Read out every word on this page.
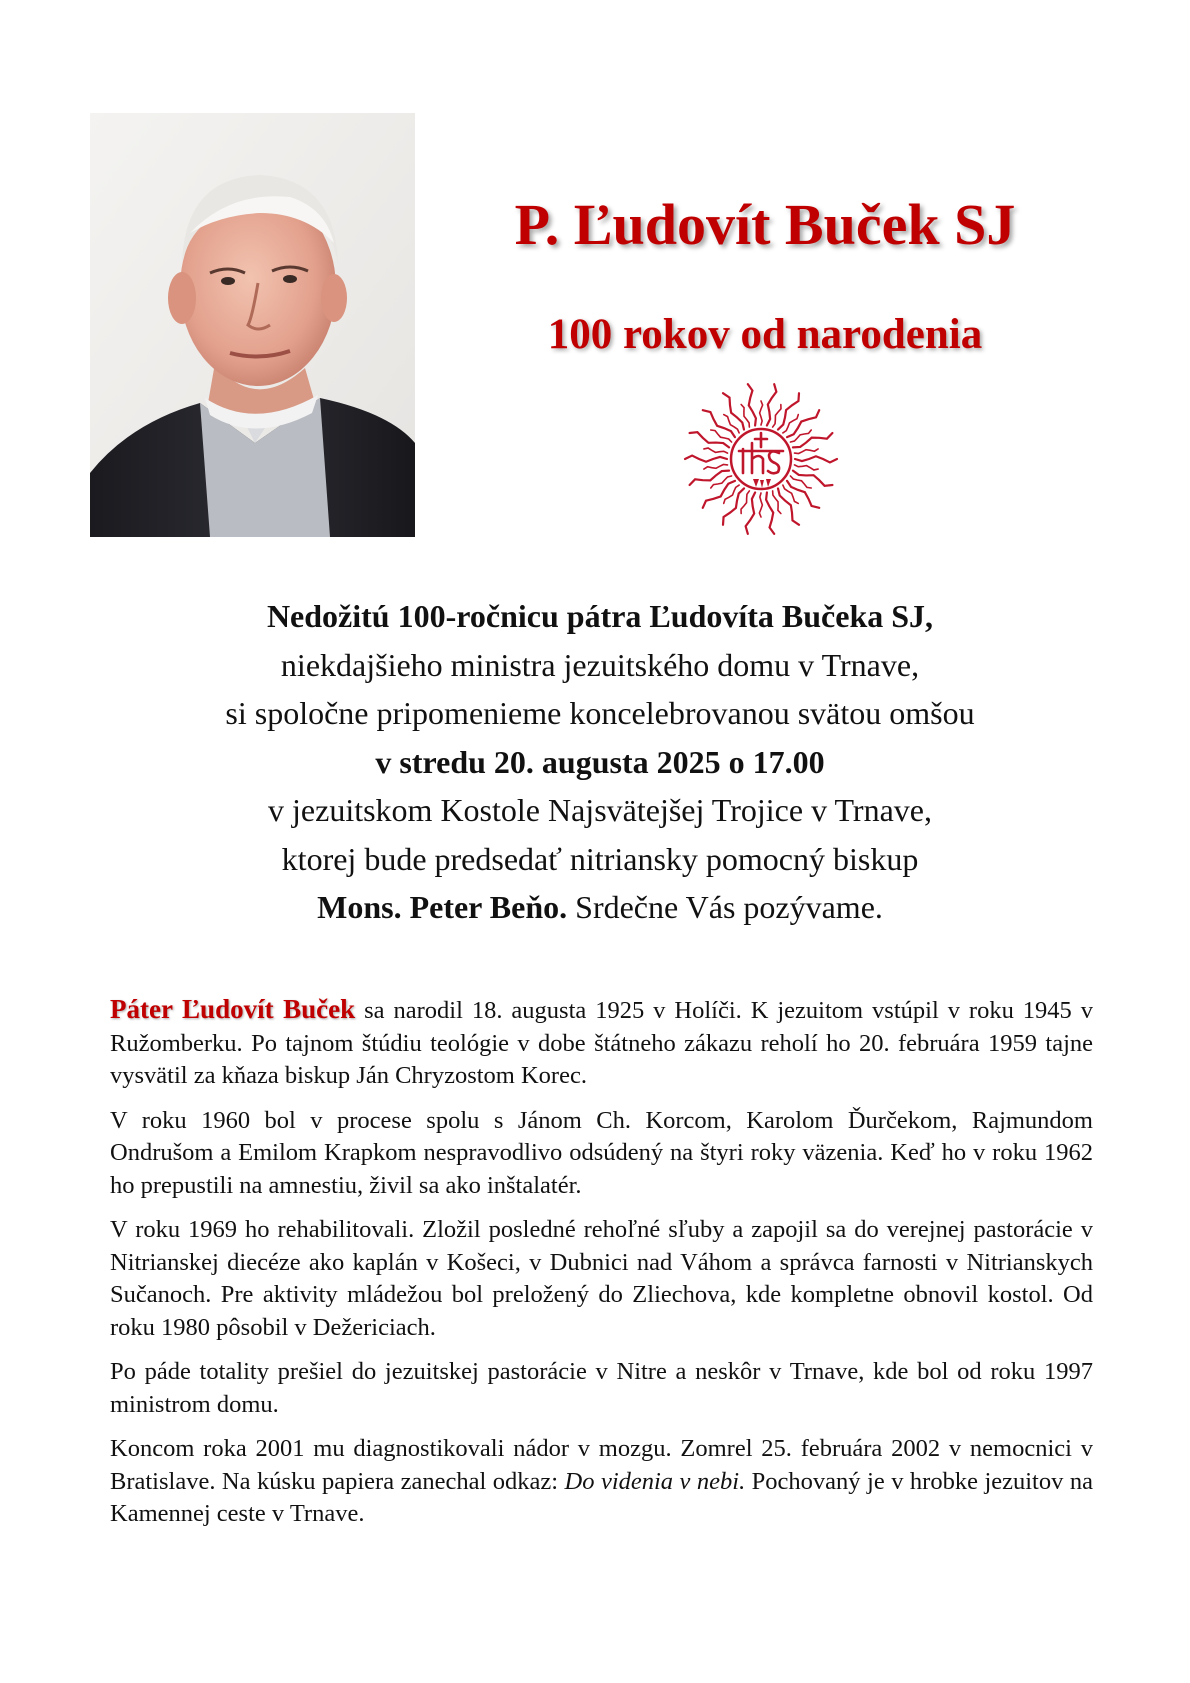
P. Ľudovít Buček SJ
100 rokov od narodenia
Nedožitú 100-ročnicu pátra Ľudovíta Bučeka SJ,
niekdajšieho ministra jezuitského domu v Trnave,
si spoločne pripomenieme koncelebrovanou svätou omšou
v stredu 20. augusta 2025 o 17.00
v jezuitskom Kostole Najsvätejšej Trojice v Trnave,
ktorej bude predsedať nitriansky pomocný biskup
Mons. Peter Beňo. Srdečne Vás pozývame.

Páter Ľudovít Buček sa narodil 18. augusta 1925 v Holíči. K jezuitom vstúpil v roku 1945 v Ružomberku. Po tajnom štúdiu teológie v dobe štátneho zákazu reholí ho 20. februára 1959 tajne vysvätil za kňaza biskup Ján Chryzostom Korec.

V roku 1960 bol v procese spolu s Jánom Ch. Korcom, Karolom Ďurčekom, Rajmundom Ondrušom a Emilom Krapkom nespravodlivo odsúdený na štyri roky väzenia. Keď ho v roku 1962 ho prepustili na amnestiu, živil sa ako inštalatér.

V roku 1969 ho rehabilitovali. Zložil posledné rehoľné sľuby a zapojil sa do verejnej pastorácie v Nitrianskej diecéze ako kaplán v Košeci, v Dubnici nad Váhom a správca farnosti v Nitrianskych Sučanoch. Pre aktivity mládežou bol preložený do Zliechova, kde kompletne obnovil kostol. Od roku 1980 pôsobil v Dežericiach.

Po páde totality prešiel do jezuitskej pastorácie v Nitre a neskôr v Trnave, kde bol od roku 1997 ministrom domu.

Koncom roka 2001 mu diagnostikovali nádor v mozgu. Zomrel 25. februára 2002 v nemocnici v Bratislave. Na kúsku papiera zanechal odkaz: Do videnia v nebi. Pochovaný je v hrobke jezuitov na Kamennej ceste v Trnave.
